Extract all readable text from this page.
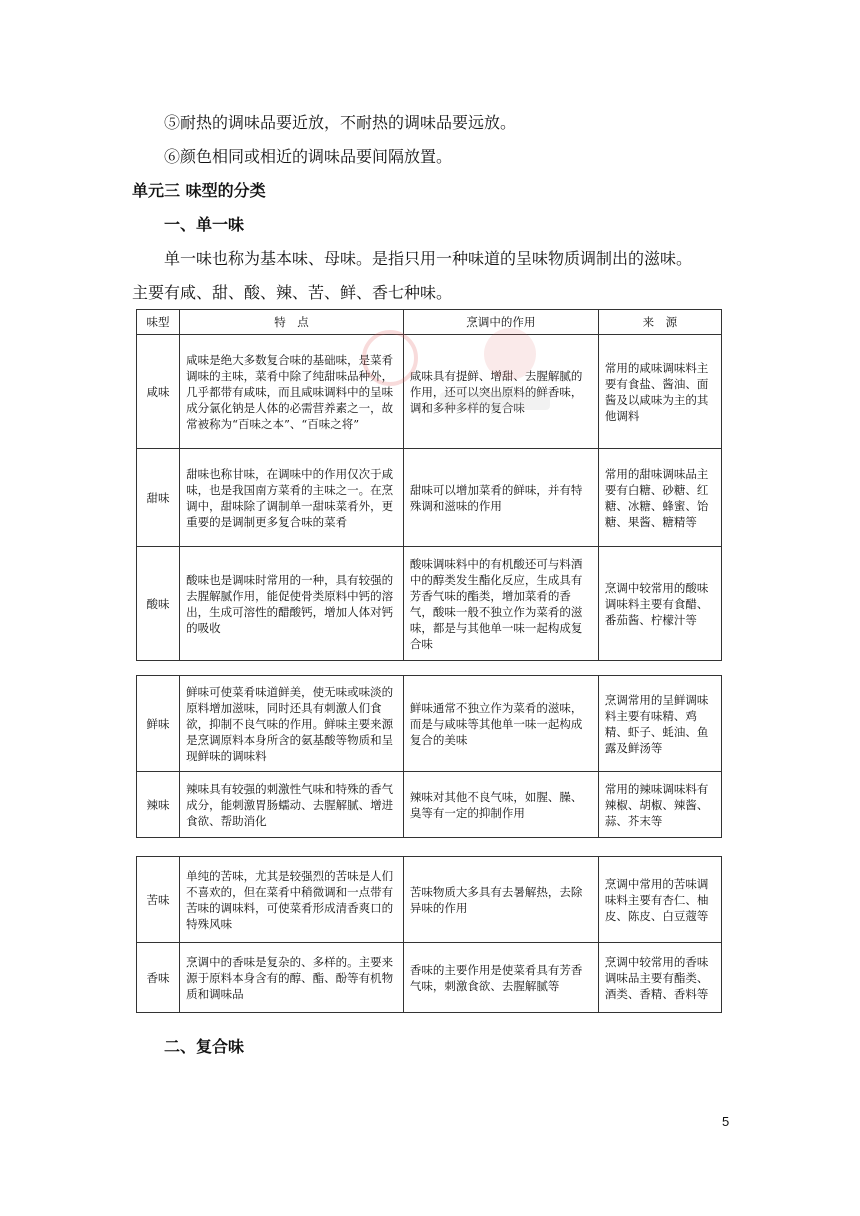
⑤耐热的调味品要近放，不耐热的调味品要远放。
⑥颜色相同或相近的调味品要间隔放置。
单元三 味型的分类
一、单一味
单一味也称为基本味、母味。是指只用一种味道的呈味物质调制出的滋味。
主要有咸、甜、酸、辣、苦、鲜、香七种味。
味型	特　点	烹调中的作用	来　源
咸味	咸味是绝大多数复合味的基础味，是菜肴调味的主味，菜肴中除了纯甜味品种外，几乎都带有咸味，而且咸味调料中的呈味成分氯化钠是人体的必需营养素之一，故常被称为“百味之本”、“百味之将”	咸味具有提鲜、增甜、去腥解腻的作用，还可以突出原料的鲜香味，调和多种多样的复合味	常用的咸味调味料主要有食盐、酱油、面酱及以咸味为主的其他调料
甜味	甜味也称甘味，在调味中的作用仅次于咸味，也是我国南方菜肴的主味之一。在烹调中，甜味除了调制单一甜味菜肴外，更重要的是调制更多复合味的菜肴	甜味可以增加菜肴的鲜味，并有特殊调和滋味的作用	常用的甜味调味品主要有白糖、砂糖、红糖、冰糖、蜂蜜、饴糖、果酱、糖精等
酸味	酸味也是调味时常用的一种，具有较强的去腥解腻作用，能促使骨类原料中钙的溶出，生成可溶性的醋酸钙，增加人体对钙的吸收	酸味调味料中的有机酸还可与料酒中的醇类发生酯化反应，生成具有芳香气味的酯类，增加菜肴的香气，酸味一般不独立作为菜肴的滋味，都是与其他单一味一起构成复合味	烹调中较常用的酸味调味料主要有食醋、番茄酱、柠檬汁等
鲜味	鲜味可使菜肴味道鲜美，使无味或味淡的原料增加滋味，同时还具有刺激人们食欲，抑制不良气味的作用。鲜味主要来源是烹调原料本身所含的氨基酸等物质和呈现鲜味的调味料	鲜味通常不独立作为菜肴的滋味，而是与咸味等其他单一味一起构成复合的美味	烹调常用的呈鲜调味料主要有味精、鸡精、虾子、蚝油、鱼露及鲜汤等
辣味	辣味具有较强的刺激性气味和特殊的香气成分，能刺激胃肠蠕动、去腥解腻、增进食欲、帮助消化	辣味对其他不良气味，如腥、臊、臭等有一定的抑制作用	常用的辣味调味料有辣椒、胡椒、辣酱、蒜、芥末等
苦味	单纯的苦味，尤其是较强烈的苦味是人们不喜欢的，但在菜肴中稍微调和一点带有苦味的调味料，可使菜肴形成清香爽口的特殊风味	苦味物质大多具有去暑解热，去除异味的作用	烹调中常用的苦味调味料主要有杏仁、柚皮、陈皮、白豆蔻等
香味	烹调中的香味是复杂的、多样的。主要来源于原料本身含有的醇、酯、酚等有机物质和调味品	香味的主要作用是使菜肴具有芳香气味，刺激食欲、去腥解腻等	烹调中较常用的香味调味品主要有酯类、酒类、香精、香料等
二、复合味
5
